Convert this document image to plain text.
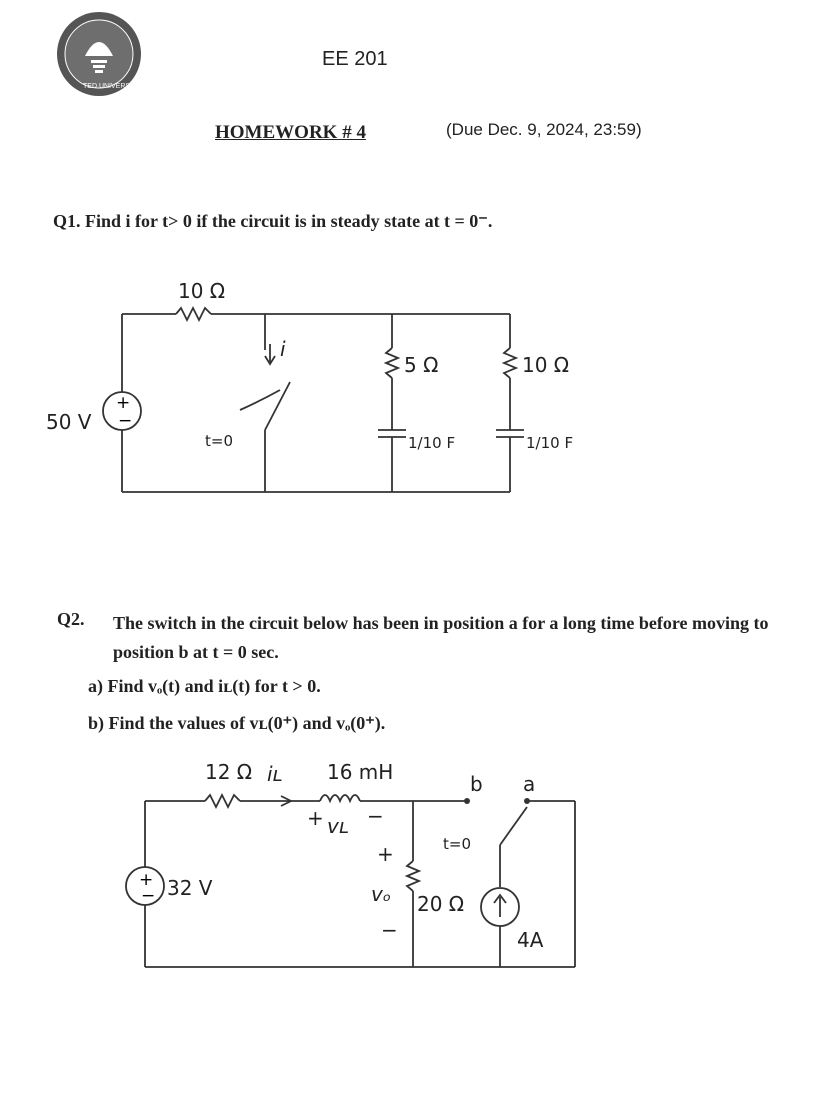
TED UNIVERSITY
EE 201
HOMEWORK # 4	(Due Dec. 9, 2024, 23:59)
Q1. Find i for t> 0 if the circuit is in steady state at t = 0⁻.
+
−
50 V
10 Ω
i
t=0
5 Ω
1/10 F
10 Ω
1/10 F
Q2. The switch in the circuit below has been in position a for a long time before moving to position b at t = 0 sec.
a) Find vₒ(t) and iʟ(t) for t > 0.
b) Find the values of vʟ(0⁺) and vₒ(0⁺).
+
− 32 V
12 Ω iʟ 16 mH
+ vʟ −
+
vₒ
−
20 Ω
4A
t=0
b a
